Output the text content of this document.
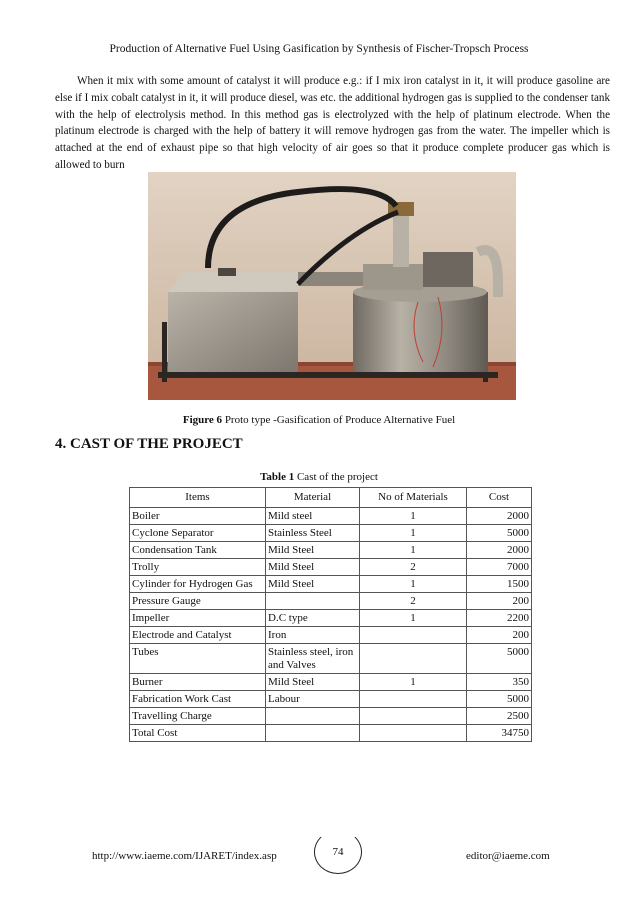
Production of Alternative Fuel Using Gasification by Synthesis of Fischer-Tropsch Process

When it mix with some amount of catalyst it will produce e.g.: if I mix iron catalyst in it, it will produce gasoline are else if I mix cobalt catalyst in it, it will produce diesel, was etc. the additional hydrogen gas is supplied to the condenser tank with the help of electrolysis method. In this method gas is electrolyzed with the help of platinum electrode. When the platinum electrode is charged with the help of battery it will remove hydrogen gas from the water. The impeller which is attached at the end of exhaust pipe so that high velocity of air goes so that it produce complete producer gas which is allowed to burn

Figure 6 Proto type -Gasification of Produce Alternative Fuel
4. CAST OF THE PROJECT
Table 1 Cast of the project
Items	Material	No of Materials	Cost
Boiler	Mild steel	1	2000
Cyclone Separator	Stainless Steel	1	5000
Condensation Tank	Mild Steel	1	2000
Trolly	Mild Steel	2	7000
Cylinder for Hydrogen Gas	Mild Steel	1	1500
Pressure Gauge		2	200
Impeller	D.C type	1	2200
Electrode and Catalyst	Iron		200
Tubes	Stainless steel, iron and Valves		5000
Burner	Mild Steel	1	350
Fabrication Work Cast	Labour		5000
Travelling Charge			2500
Total Cost			34750
http://www.iaeme.com/IJARET/index.asp	74	editor@iaeme.com
